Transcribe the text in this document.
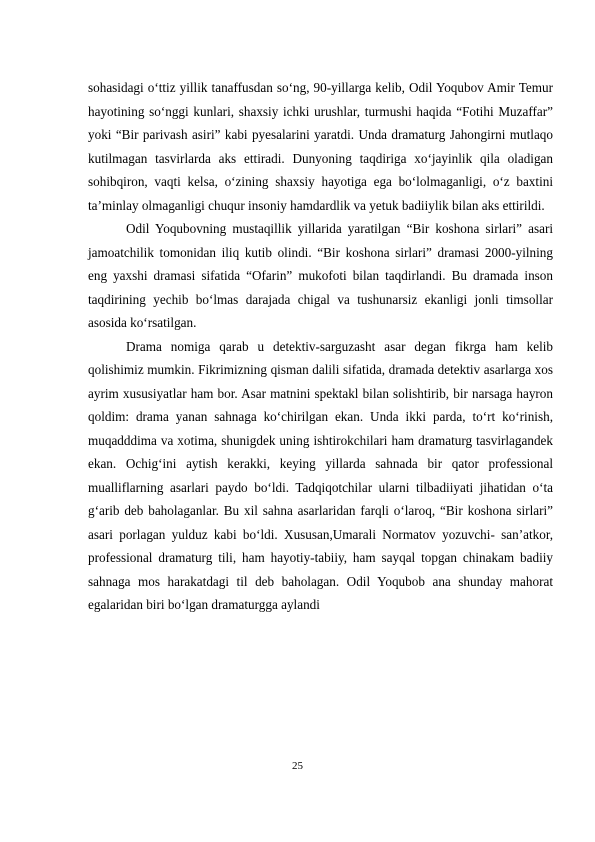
sohasidagi o‘ttiz yillik tanaffusdan so‘ng, 90-yillarga kelib, Odil Yoqubov Amir Temur hayotining so‘nggi kunlari, shaxsiy ichki urushlar, turmushi haqida “Fotihi Muzaffar” yoki “Bir parivash asiri” kabi pyesalarini yaratdi. Unda dramaturg Jahongirni mutlaqo kutilmagan tasvirlarda aks ettiradi. Dunyoning taqdiriga xo‘jayinlik qila oladigan sohibqiron, vaqti kelsa, o‘zining shaxsiy hayotiga ega bo‘lolmaganligi, o‘z baxtini ta’minlay olmaganligi chuqur insoniy hamdardlik va yetuk badiiylik bilan aks ettirildi.

Odil Yoqubovning mustaqillik yillarida yaratilgan “Bir koshona sirlari” asari jamoatchilik tomonidan iliq kutib olindi. “Bir koshona sirlari” dramasi 2000-yilning eng yaxshi dramasi sifatida “Ofarin” mukofoti bilan taqdirlandi. Bu dramada inson taqdirining yechib bo‘lmas darajada chigal va tushunarsiz ekanligi jonli timsollar asosida ko‘rsatilgan.

Drama nomiga qarab u detektiv-sarguzasht asar degan fikrga ham kelib qolishimiz mumkin. Fikrimizning qisman dalili sifatida, dramada detektiv asarlarga xos ayrim xususiyatlar ham bor. Asar matnini spektakl bilan solishtirib, bir narsaga hayron qoldim: drama yanan sahnaga ko‘chirilgan ekan. Unda ikki parda, to‘rt ko‘rinish, muqadddima va xotima, shunigdek uning ishtirokchilari ham dramaturg tasvirlagandek ekan. Ochig‘ini aytish kerakki, keying yillarda sahnada bir qator professional mualliflarning asarlari paydo bo‘ldi. Tadqiqotchilar ularni tilbadiiyati jihatidan o‘ta g‘arib deb baholaganlar. Bu xil sahna asarlaridan farqli o‘laroq, “Bir koshona sirlari” asari porlagan yulduz kabi bo‘ldi. Xususan,Umarali Normatov yozuvchi- san’atkor, professional dramaturg tili, ham hayotiy-tabiiy, ham sayqal topgan chinakam badiiy sahnaga mos harakatdagi til deb baholagan. Odil Yoqubob ana shunday mahorat egalaridan biri bo‘lgan dramaturgga aylandi

25
